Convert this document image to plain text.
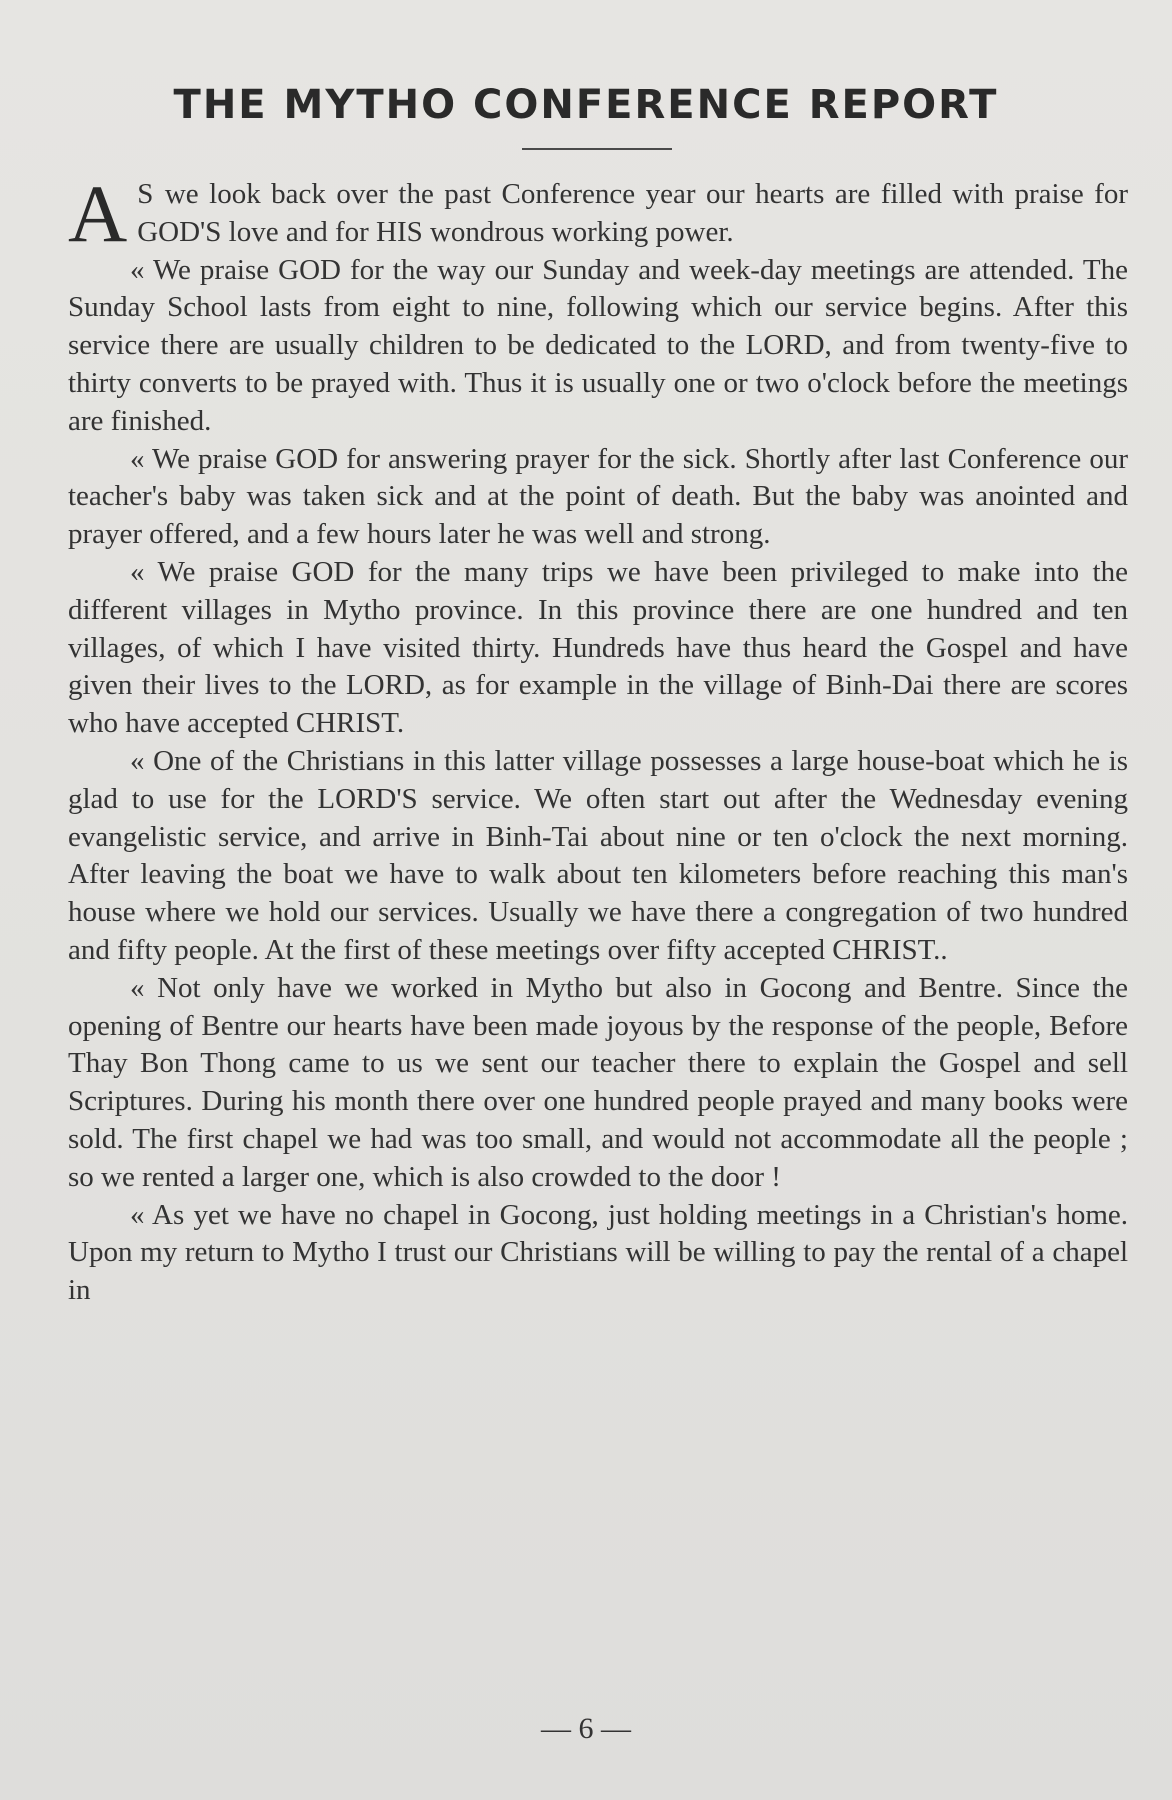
THE MYTHO CONFERENCE REPORT

A S we look back over the past Conference year our hearts are filled with praise for GOD'S love and for HIS wondrous working power.

« We praise GOD for the way our Sunday and week-day meetings are attended. The Sunday School lasts from eight to nine, following which our service begins. After this service there are usually children to be dedicated to the LORD, and from twenty-five to thirty converts to be prayed with. Thus it is usually one or two o'clock before the meetings are finished.

« We praise GOD for answering prayer for the sick. Shortly after last Conference our teacher's baby was taken sick and at the point of death. But the baby was anointed and prayer offered, and a few hours later he was well and strong.

« We praise GOD for the many trips we have been privileged to make into the different villages in Mytho province. In this province there are one hundred and ten villages, of which I have visited thirty. Hundreds have thus heard the Gospel and have given their lives to the LORD, as for example in the village of Binh-Dai there are scores who have accepted CHRIST.

« One of the Christians in this latter village possesses a large house-boat which he is glad to use for the LORD'S service. We often start out after the Wednesday evening evangelistic service, and arrive in Binh-Tai about nine or ten o'clock the next morning. After leaving the boat we have to walk about ten kilometers before reaching this man's house where we hold our services. Usually we have there a congregation of two hundred and fifty people. At the first of these meetings over fifty accepted CHRIST..

« Not only have we worked in Mytho but also in Gocong and Bentre. Since the opening of Bentre our hearts have been made joyous by the response of the people, Before Thay Bon Thong came to us we sent our teacher there to explain the Gospel and sell Scriptures. During his month there over one hundred people prayed and many books were sold. The first chapel we had was too small, and would not accommodate all the people ; so we rented a larger one, which is also crowded to the door !

« As yet we have no chapel in Gocong, just holding meetings in a Christian's home. Upon my return to Mytho I trust our Christians will be willing to pay the rental of a chapel in

— 6 —
